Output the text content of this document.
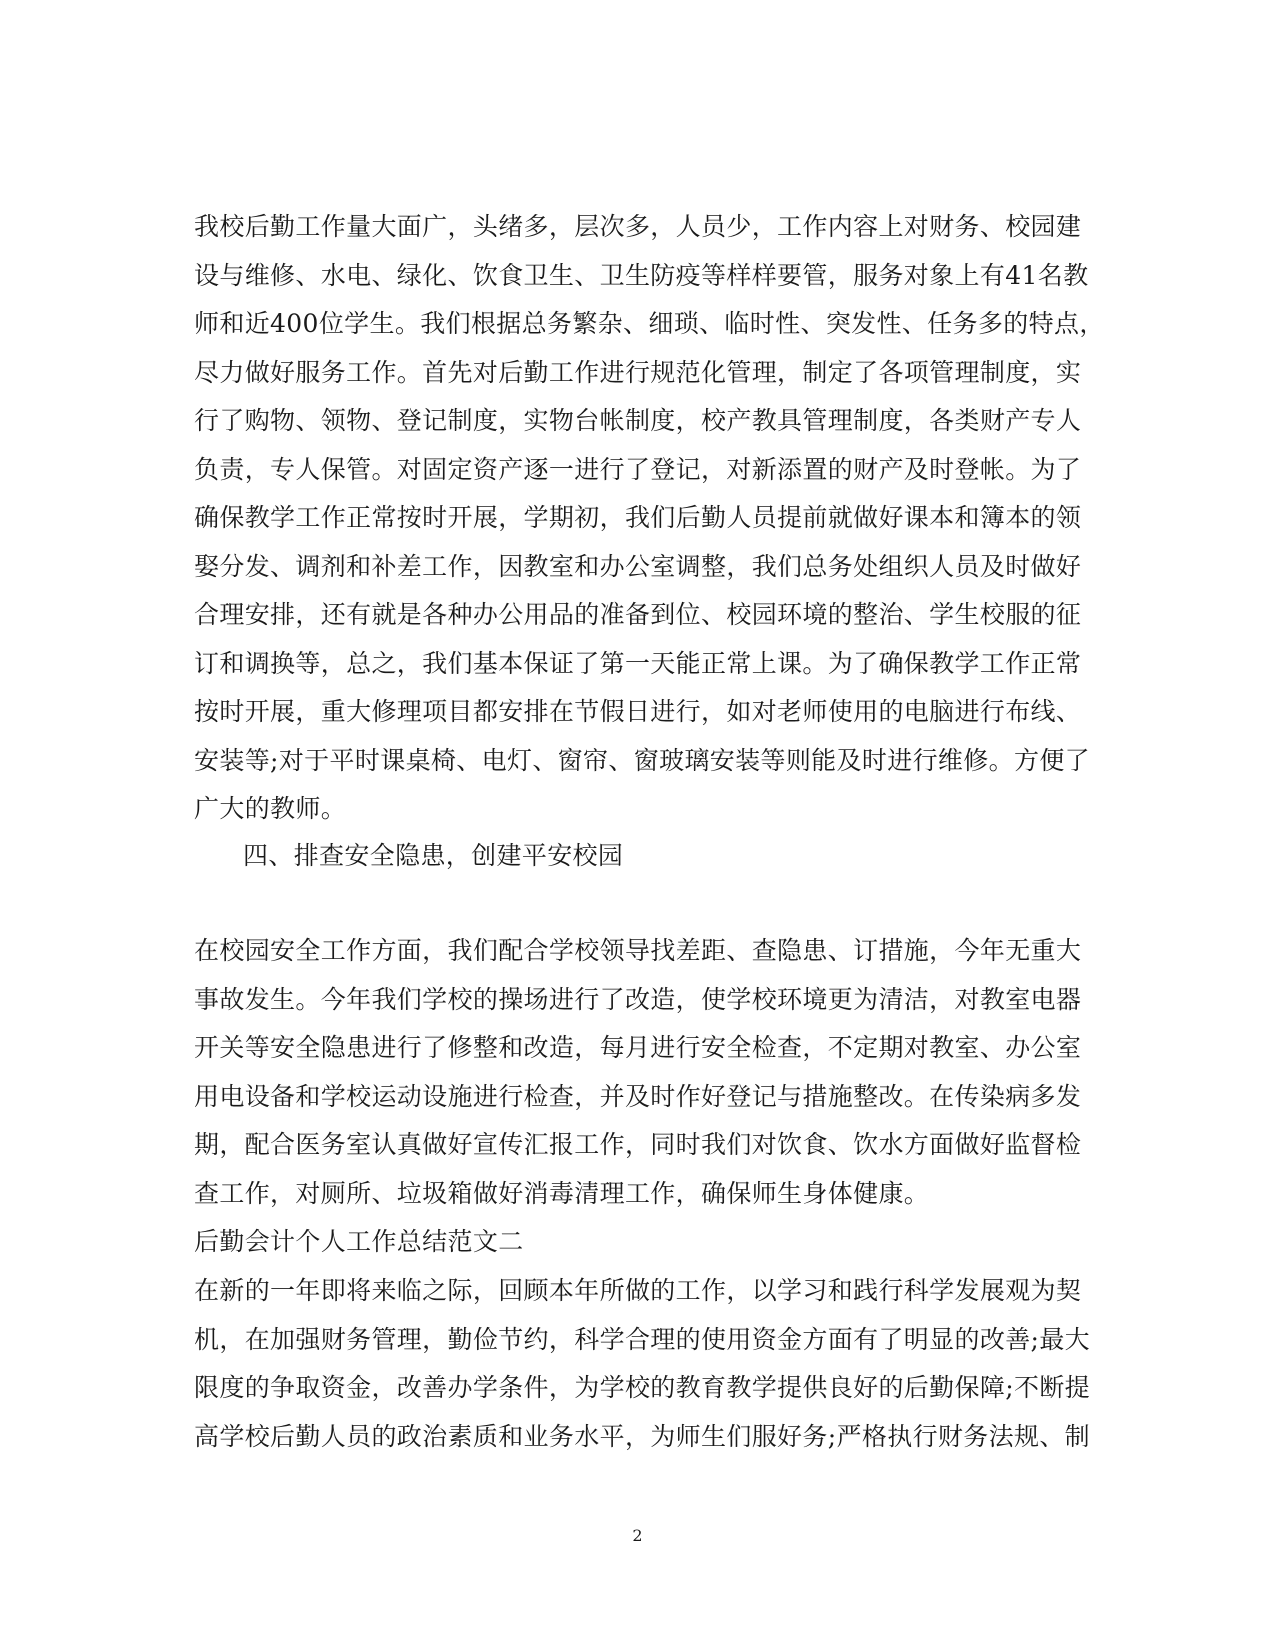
我校后勤工作量大面广，头绪多，层次多，人员少，工作内容上对财务、校园建
设与维修、水电、绿化、饮食卫生、卫生防疫等样样要管，服务对象上有41名教
师和近400位学生。我们根据总务繁杂、细琐、临时性、突发性、任务多的特点，
尽力做好服务工作。首先对后勤工作进行规范化管理，制定了各项管理制度，实
行了购物、领物、登记制度，实物台帐制度，校产教具管理制度，各类财产专人
负责，专人保管。对固定资产逐一进行了登记，对新添置的财产及时登帐。为了
确保教学工作正常按时开展，学期初，我们后勤人员提前就做好课本和簿本的领
娶分发、调剂和补差工作，因教室和办公室调整，我们总务处组织人员及时做好
合理安排，还有就是各种办公用品的准备到位、校园环境的整治、学生校服的征
订和调换等，总之，我们基本保证了第一天能正常上课。为了确保教学工作正常
按时开展，重大修理项目都安排在节假日进行，如对老师使用的电脑进行布线、
安装等;对于平时课桌椅、电灯、窗帘、窗玻璃安装等则能及时进行维修。方便了
广大的教师。
四、排查安全隐患，创建平安校园
在校园安全工作方面，我们配合学校领导找差距、查隐患、订措施，今年无重大
事故发生。今年我们学校的操场进行了改造，使学校环境更为清洁，对教室电器
开关等安全隐患进行了修整和改造，每月进行安全检查，不定期对教室、办公室
用电设备和学校运动设施进行检查，并及时作好登记与措施整改。在传染病多发
期，配合医务室认真做好宣传汇报工作，同时我们对饮食、饮水方面做好监督检
查工作，对厕所、垃圾箱做好消毒清理工作，确保师生身体健康。
后勤会计个人工作总结范文二
在新的一年即将来临之际，回顾本年所做的工作，以学习和践行科学发展观为契
机，在加强财务管理，勤俭节约，科学合理的使用资金方面有了明显的改善;最大
限度的争取资金，改善办学条件，为学校的教育教学提供良好的后勤保障;不断提
高学校后勤人员的政治素质和业务水平，为师生们服好务;严格执行财务法规、制
2
